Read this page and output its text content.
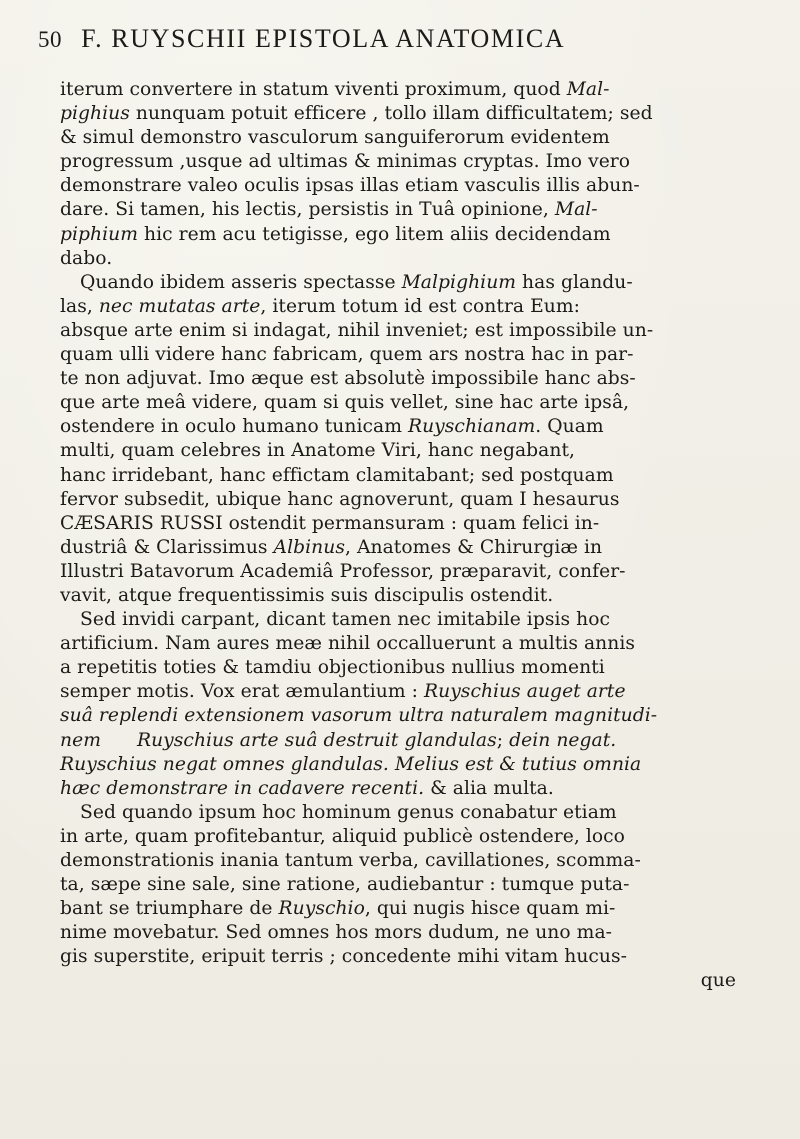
50 F. RUYSCHII EPISTOLA ANATOMICA
iterum convertere in statum viventi proximum, quod Mal-
pighius nunquam potuit efficere , tollo illam difficultatem; sed
& simul demonstro vasculorum sanguiferorum evidentem
progressum ,usque ad ultimas & minimas cryptas. Imo vero
demonstrare valeo oculis ipsas illas etiam vasculis illis abun-
dare. Si tamen, his lectis, persistis in Tuâ opinione, Mal-
piphium hic rem acu tetigisse, ego litem aliis decidendam
dabo.
Quando ibidem asseris spectasse Malpighium has glandu-
las, nec mutatas arte, iterum totum id est contra Eum:
absque arte enim si indagat, nihil inveniet; est impossibile un-
quam ulli videre hanc fabricam, quem ars nostra hac in par-
te non adjuvat. Imo æque est absolutè impossibile hanc abs-
que arte meâ videre, quam si quis vellet, sine hac arte ipsâ,
ostendere in oculo humano tunicam Ruyschianam. Quam
multi, quam celebres in Anatome Viri, hanc negabant,
hanc irridebant, hanc effictam clamitabant; sed postquam
fervor subsedit, ubique hanc agnoverunt, quam I hesaurus
CÆSARIS RUSSI ostendit permansuram : quam felici in-
dustriâ & Clarissimus Albinus, Anatomes & Chirurgiæ in
Illustri Batavorum Academiâ Professor, præparavit, confer-
vavit, atque frequentissimis suis discipulis ostendit.
Sed invidi carpant, dicant tamen nec imitabile ipsis hoc
artificium. Nam aures meæ nihil occalluerunt a multis annis
a repetitis toties & tamdiu objectionibus nullius momenti
semper motis. Vox erat æmulantium : Ruyschius auget arte
suâ replendi extensionem vasorum ultra naturalem magnitudi-
nem Ruyschius arte suâ destruit glandulas; dein negat.
Ruyschius negat omnes glandulas. Melius est & tutius omnia
hæc demonstrare in cadavere recenti. & alia multa.
Sed quando ipsum hoc hominum genus conabatur etiam
in arte, quam profitebantur, aliquid publicè ostendere, loco
demonstrationis inania tantum verba, cavillationes, scomma-
ta, sæpe sine sale, sine ratione, audiebantur : tumque puta-
bant se triumphare de Ruyschio, qui nugis hisce quam mi-
nime movebatur. Sed omnes hos mors dudum, ne uno ma-
gis superstite, eripuit terris ; concedente mihi vitam hucus-
que
